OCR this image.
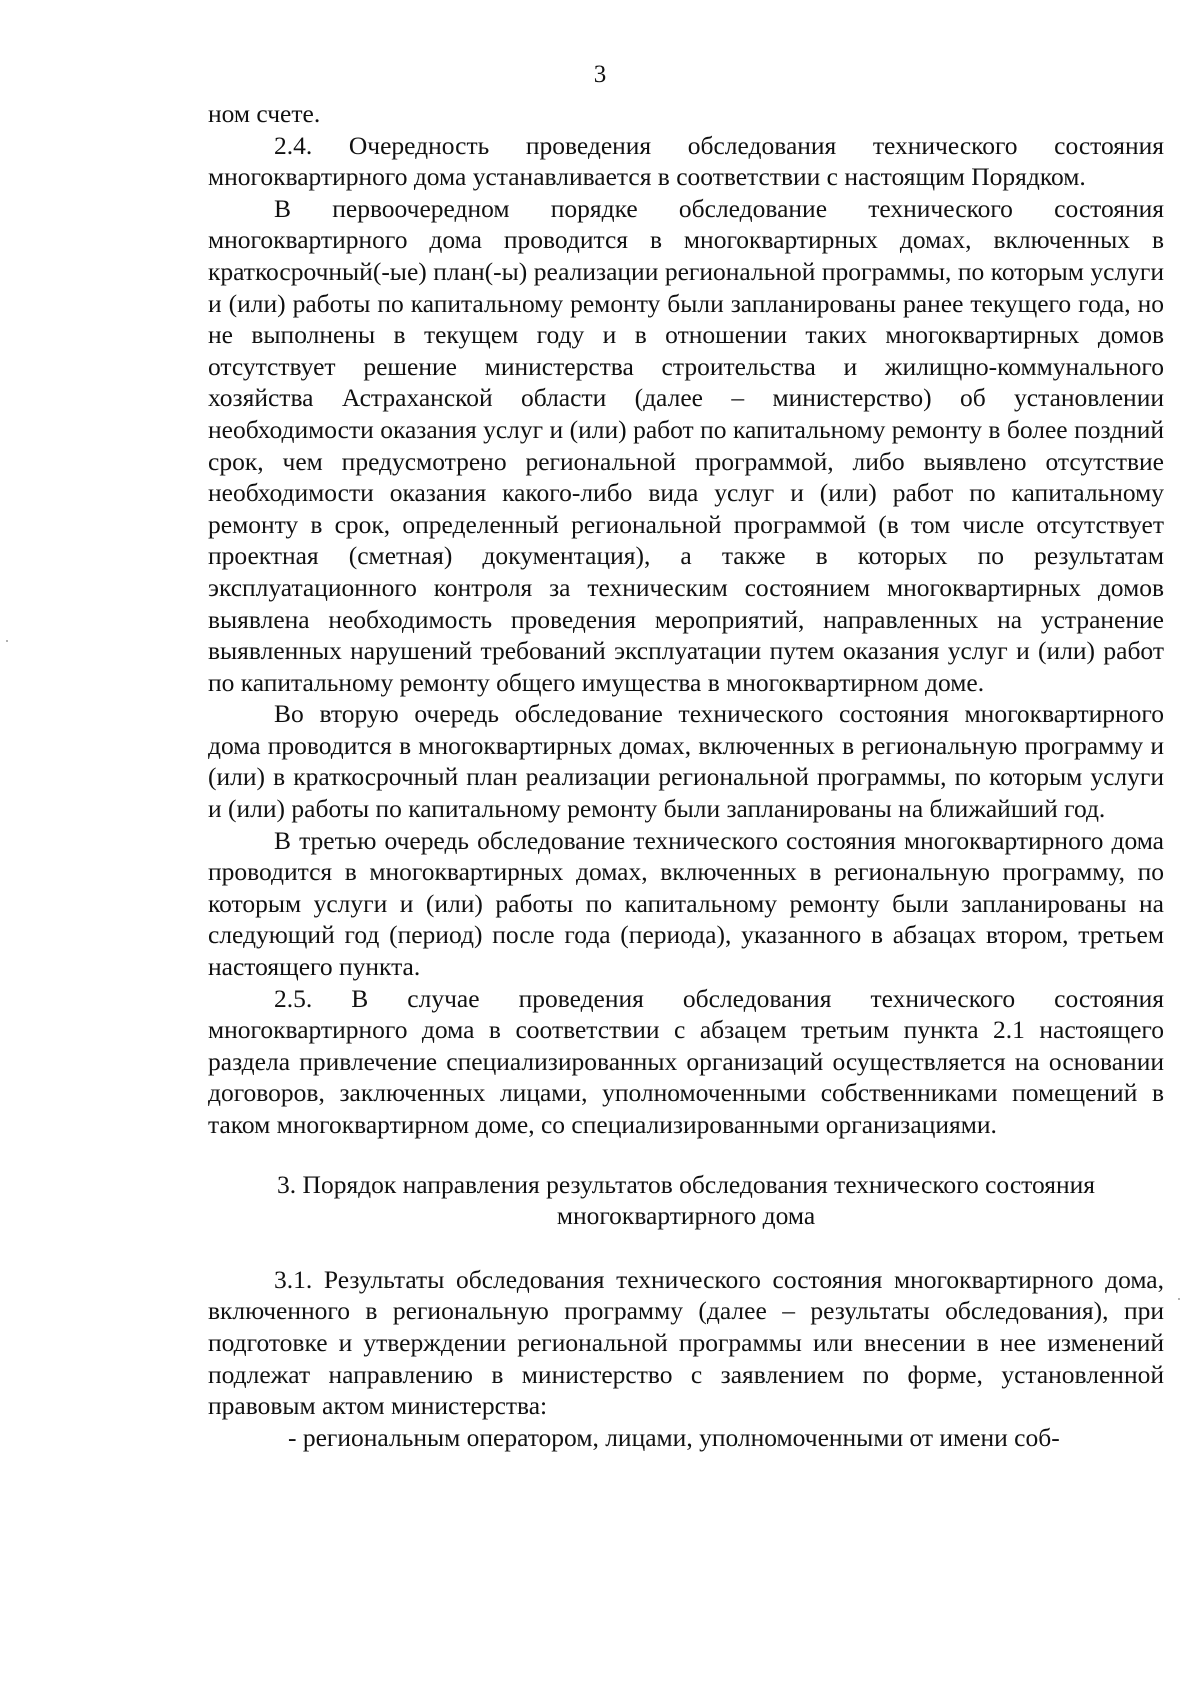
3

ном счете.

2.4. Очередность проведения обследования технического состояния многоквартирного дома устанавливается в соответствии с настоящим Порядком.

В первоочередном порядке обследование технического состояния многоквартирного дома проводится в многоквартирных домах, включенных в краткосрочный(-ые) план(-ы) реализации региональной программы, по которым услуги и (или) работы по капитальному ремонту были запланированы ранее текущего года, но не выполнены в текущем году и в отношении таких многоквартирных домов отсутствует решение министерства строительства и жилищно-коммунального хозяйства Астраханской области (далее – министерство) об установлении необходимости оказания услуг и (или) работ по капитальному ремонту в более поздний срок, чем предусмотрено региональной программой, либо выявлено отсутствие необходимости оказания какого-либо вида услуг и (или) работ по капитальному ремонту в срок, определенный региональной программой (в том числе отсутствует проектная (сметная) документация), а также в которых по результатам эксплуатационного контроля за техническим состоянием многоквартирных домов выявлена необходимость проведения мероприятий, направленных на устранение выявленных нарушений требований эксплуатации путем оказания услуг и (или) работ по капитальному ремонту общего имущества в многоквартирном доме.

Во вторую очередь обследование технического состояния многоквартирного дома проводится в многоквартирных домах, включенных в региональную программу и (или) в краткосрочный план реализации региональной программы, по которым услуги и (или) работы по капитальному ремонту были запланированы на ближайший год.

В третью очередь обследование технического состояния многоквартирного дома проводится в многоквартирных домах, включенных в региональную программу, по которым услуги и (или) работы по капитальному ремонту были запланированы на следующий год (период) после года (периода), указанного в абзацах втором, третьем настоящего пункта.

2.5. В случае проведения обследования технического состояния многоквартирного дома в соответствии с абзацем третьим пункта 2.1 настоящего раздела привлечение специализированных организаций осуществляется на основании договоров, заключенных лицами, уполномоченными собственниками помещений в таком многоквартирном доме, со специализированными организациями.

3. Порядок направления результатов обследования технического состояния многоквартирного дома

3.1. Результаты обследования технического состояния многоквартирного дома, включенного в региональную программу (далее – результаты обследования), при подготовке и утверждении региональной программы или внесении в нее изменений подлежат направлению в министерство с заявлением по форме, установленной правовым актом министерства:

- региональным оператором, лицами, уполномоченными от имени соб-
